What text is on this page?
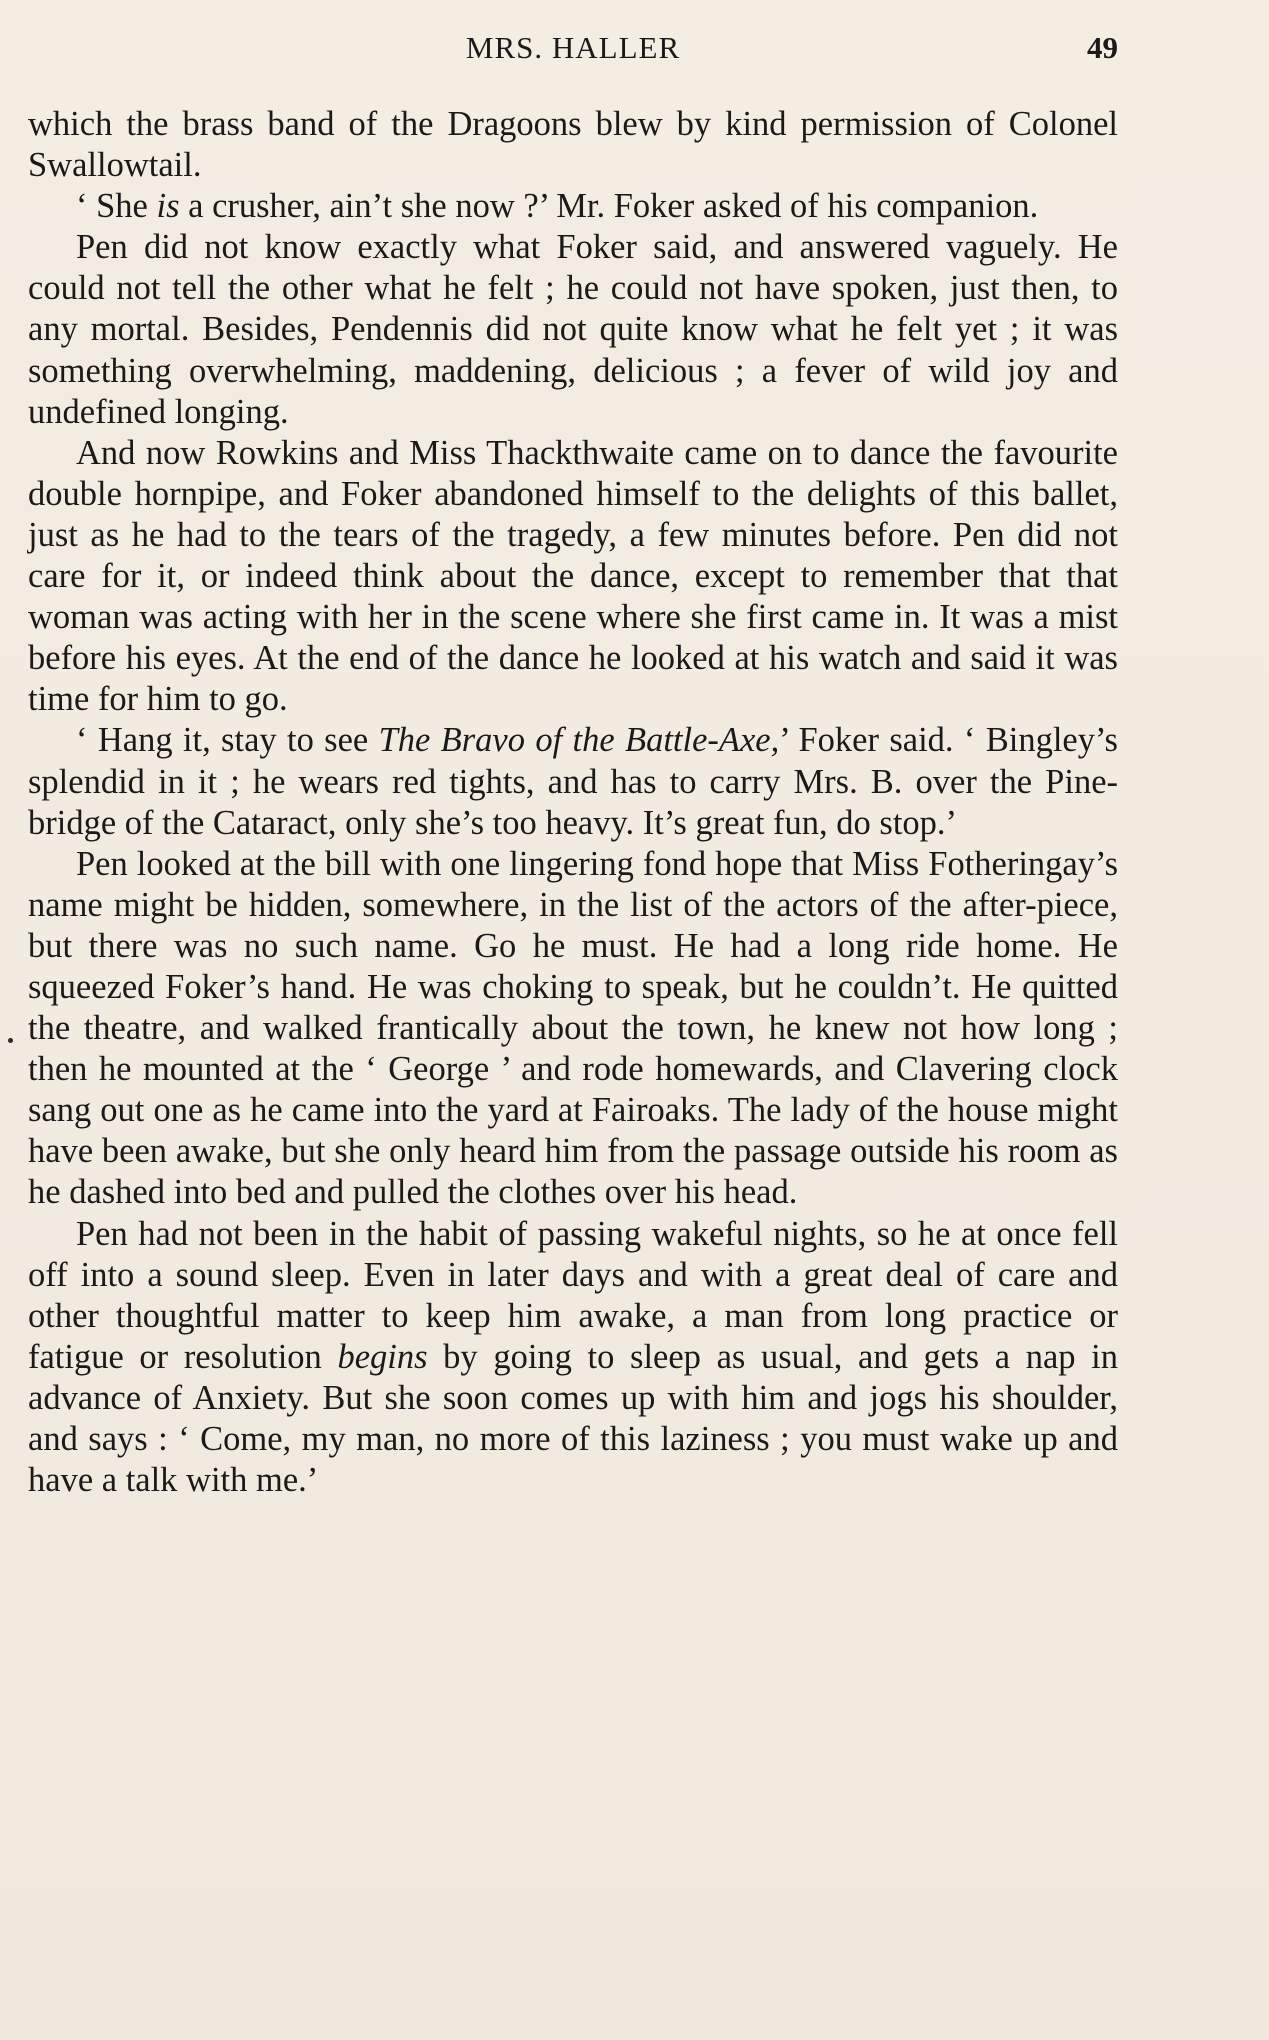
MRS. HALLER	49

which the brass band of the Dragoons blew by kind permission of Colonel Swallowtail.

‘ She is a crusher, ain’t she now ?’ Mr. Foker asked of his companion.

Pen did not know exactly what Foker said, and answered vaguely. He could not tell the other what he felt ; he could not have spoken, just then, to any mortal. Besides, Pendennis did not quite know what he felt yet ; it was something overwhelming, maddening, delicious ; a fever of wild joy and undefined longing.

And now Rowkins and Miss Thackthwaite came on to dance the favourite double hornpipe, and Foker abandoned himself to the delights of this ballet, just as he had to the tears of the tragedy, a few minutes before. Pen did not care for it, or indeed think about the dance, except to remember that that woman was acting with her in the scene where she first came in. It was a mist before his eyes. At the end of the dance he looked at his watch and said it was time for him to go.

‘ Hang it, stay to see The Bravo of the Battle-Axe,’ Foker said. ‘ Bingley’s splendid in it ; he wears red tights, and has to carry Mrs. B. over the Pine-bridge of the Cataract, only she’s too heavy. It’s great fun, do stop.’

Pen looked at the bill with one lingering fond hope that Miss Fotheringay’s name might be hidden, somewhere, in the list of the actors of the after-piece, but there was no such name. Go he must. He had a long ride home. He squeezed Foker’s hand. He was choking to speak, but he couldn’t. He quitted the theatre, and walked frantically about the town, he knew not how long ; then he mounted at the ‘ George ’ and rode homewards, and Clavering clock sang out one as he came into the yard at Fairoaks. The lady of the house might have been awake, but she only heard him from the passage outside his room as he dashed into bed and pulled the clothes over his head.

Pen had not been in the habit of passing wakeful nights, so he at once fell off into a sound sleep. Even in later days and with a great deal of care and other thoughtful matter to keep him awake, a man from long practice or fatigue or resolution begins by going to sleep as usual, and gets a nap in advance of Anxiety. But she soon comes up with him and jogs his shoulder, and says : ‘ Come, my man, no more of this laziness ; you must wake up and have a talk with me.’
